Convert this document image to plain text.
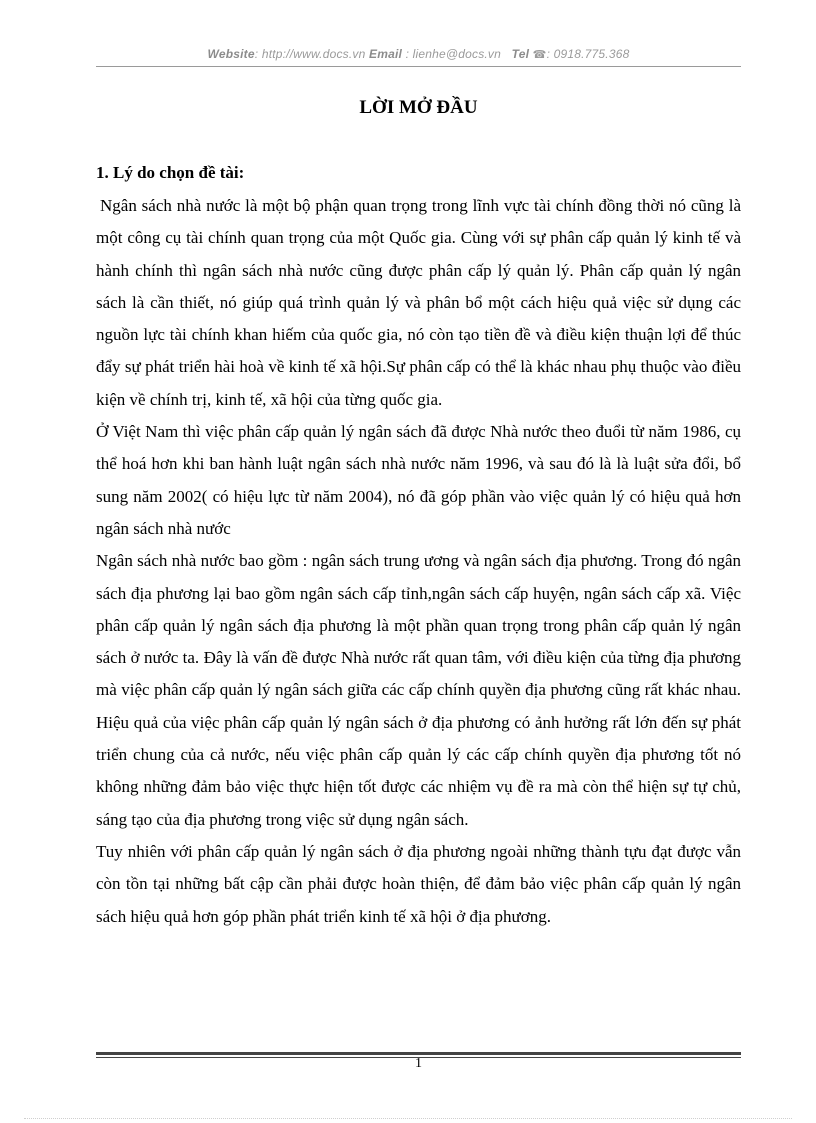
Website: http://www.docs.vn Email : lienhe@docs.vn Tel ☎: 0918.775.368
LỜI MỞ ĐẦU
1. Lý do chọn đề tài:

Ngân sách nhà nước là một bộ phận quan trọng trong lĩnh vực tài chính đồng thời nó cũng là một công cụ tài chính quan trọng của một Quốc gia. Cùng với sự phân cấp quản lý kinh tế và hành chính thì ngân sách nhà nước cũng được phân cấp lý quản lý. Phân cấp quản lý ngân sách là cần thiết, nó giúp quá trình quản lý và phân bổ một cách hiệu quả việc sử dụng các nguồn lực tài chính khan hiếm của quốc gia, nó còn tạo tiền đề và điều kiện thuận lợi để thúc đẩy sự phát triển hài hoà về kinh tế xã hội.Sự phân cấp có thể là khác nhau phụ thuộc vào điều kiện về chính trị, kinh tế, xã hội của từng quốc gia.

Ở Việt Nam thì việc phân cấp quản lý ngân sách đã được Nhà nước theo đuổi từ năm 1986, cụ thể hoá hơn khi ban hành luật ngân sách nhà nước năm 1996, và sau đó là là luật sửa đổi, bổ sung năm 2002( có hiệu lực từ năm 2004), nó đã góp phần vào việc quản lý có hiệu quả hơn ngân sách nhà nước

Ngân sách nhà nước bao gồm : ngân sách trung ương và ngân sách địa phương. Trong đó ngân sách địa phương lại bao gồm ngân sách cấp tỉnh,ngân sách cấp huyện, ngân sách cấp xã. Việc phân cấp quản lý ngân sách địa phương là một phần quan trọng trong phân cấp quản lý ngân sách ở nước ta. Đây là vấn đề được Nhà nước rất quan tâm, với điều kiện của từng địa phương mà việc phân cấp quản lý ngân sách giữa các cấp chính quyền địa phương cũng rất khác nhau. Hiệu quả của việc phân cấp quản lý ngân sách ở địa phương có ảnh hưởng rất lớn đến sự phát triển chung của cả nước, nếu việc phân cấp quản lý các cấp chính quyền địa phương tốt nó không những đảm bảo việc thực hiện tốt được các nhiệm vụ đề ra mà còn thể hiện sự tự chủ, sáng tạo của địa phương trong việc sử dụng ngân sách.

Tuy nhiên với phân cấp quản lý ngân sách ở địa phương ngoài những thành tựu đạt được vẫn còn tồn tại những bất cập cần phải được hoàn thiện, để đảm bảo việc phân cấp quản lý ngân sách hiệu quả hơn góp phần phát triển kinh tế xã hội ở địa phương.

1
